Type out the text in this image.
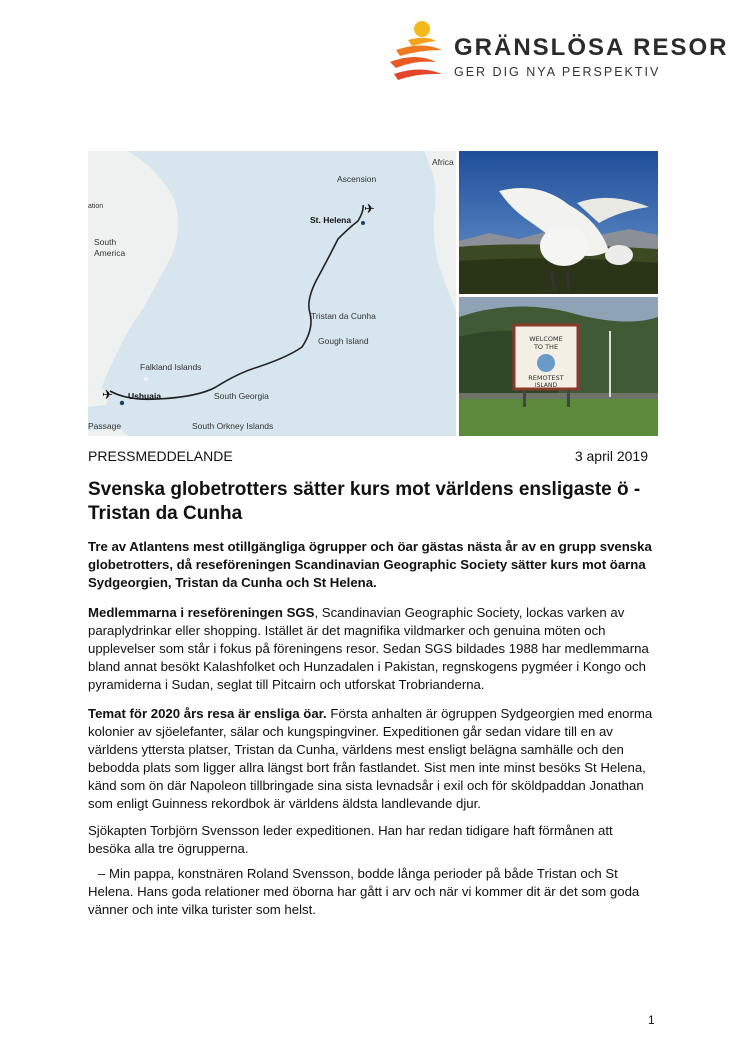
GRÄNSLÖSA RESOR
GER DIG NYA PERSPEKTIV
✈
✈
Africa
Ascension
St. Helena
ation
South
America
Tristan da Cunha
Gough Island
Falkland Islands
Ushuaia	South Georgia
Passage	South Orkney Islands
WELCOME
TO THE
REMOTEST
ISLAND
PRESSMEDDELANDE	3 april 2019
Svenska globetrotters sätter kurs mot världens ensligaste ö - Tristan da Cunha
Tre av Atlantens mest otillgängliga ögrupper och öar gästas nästa år av en grupp svenska globetrotters, då reseföreningen Scandinavian Geographic Society sätter kurs mot öarna Sydgeorgien, Tristan da Cunha och St Helena.
Medlemmarna i reseföreningen SGS, Scandinavian Geographic Society, lockas varken av paraplydrinkar eller shopping. Istället är det magnifika vildmarker och genuina möten och upplevelser som står i fokus på föreningens resor. Sedan SGS bildades 1988 har medlemmarna bland annat besökt Kalashfolket och Hunzadalen i Pakistan, regnskogens pygméer i Kongo och pyramiderna i Sudan, seglat till Pitcairn och utforskat Trobrianderna.
Temat för 2020 års resa är ensliga öar. Första anhalten är ögruppen Sydgeorgien med enorma kolonier av sjöelefanter, sälar och kungspingviner. Expeditionen går sedan vidare till en av världens yttersta platser, Tristan da Cunha, världens mest ensligt belägna samhälle och den bebodda plats som ligger allra längst bort från fastlandet. Sist men inte minst besöks St Helena, känd som ön där Napoleon tillbringade sina sista levnadsår i exil och för sköldpaddan Jonathan som enligt Guinness rekordbok är världens äldsta landlevande djur.
Sjökapten Torbjörn Svensson leder expeditionen. Han har redan tidigare haft förmånen att besöka alla tre ögrupperna.
– Min pappa, konstnären Roland Svensson, bodde långa perioder på både Tristan och St Helena. Hans goda relationer med öborna har gått i arv och när vi kommer dit är det som goda vänner och inte vilka turister som helst.
1
